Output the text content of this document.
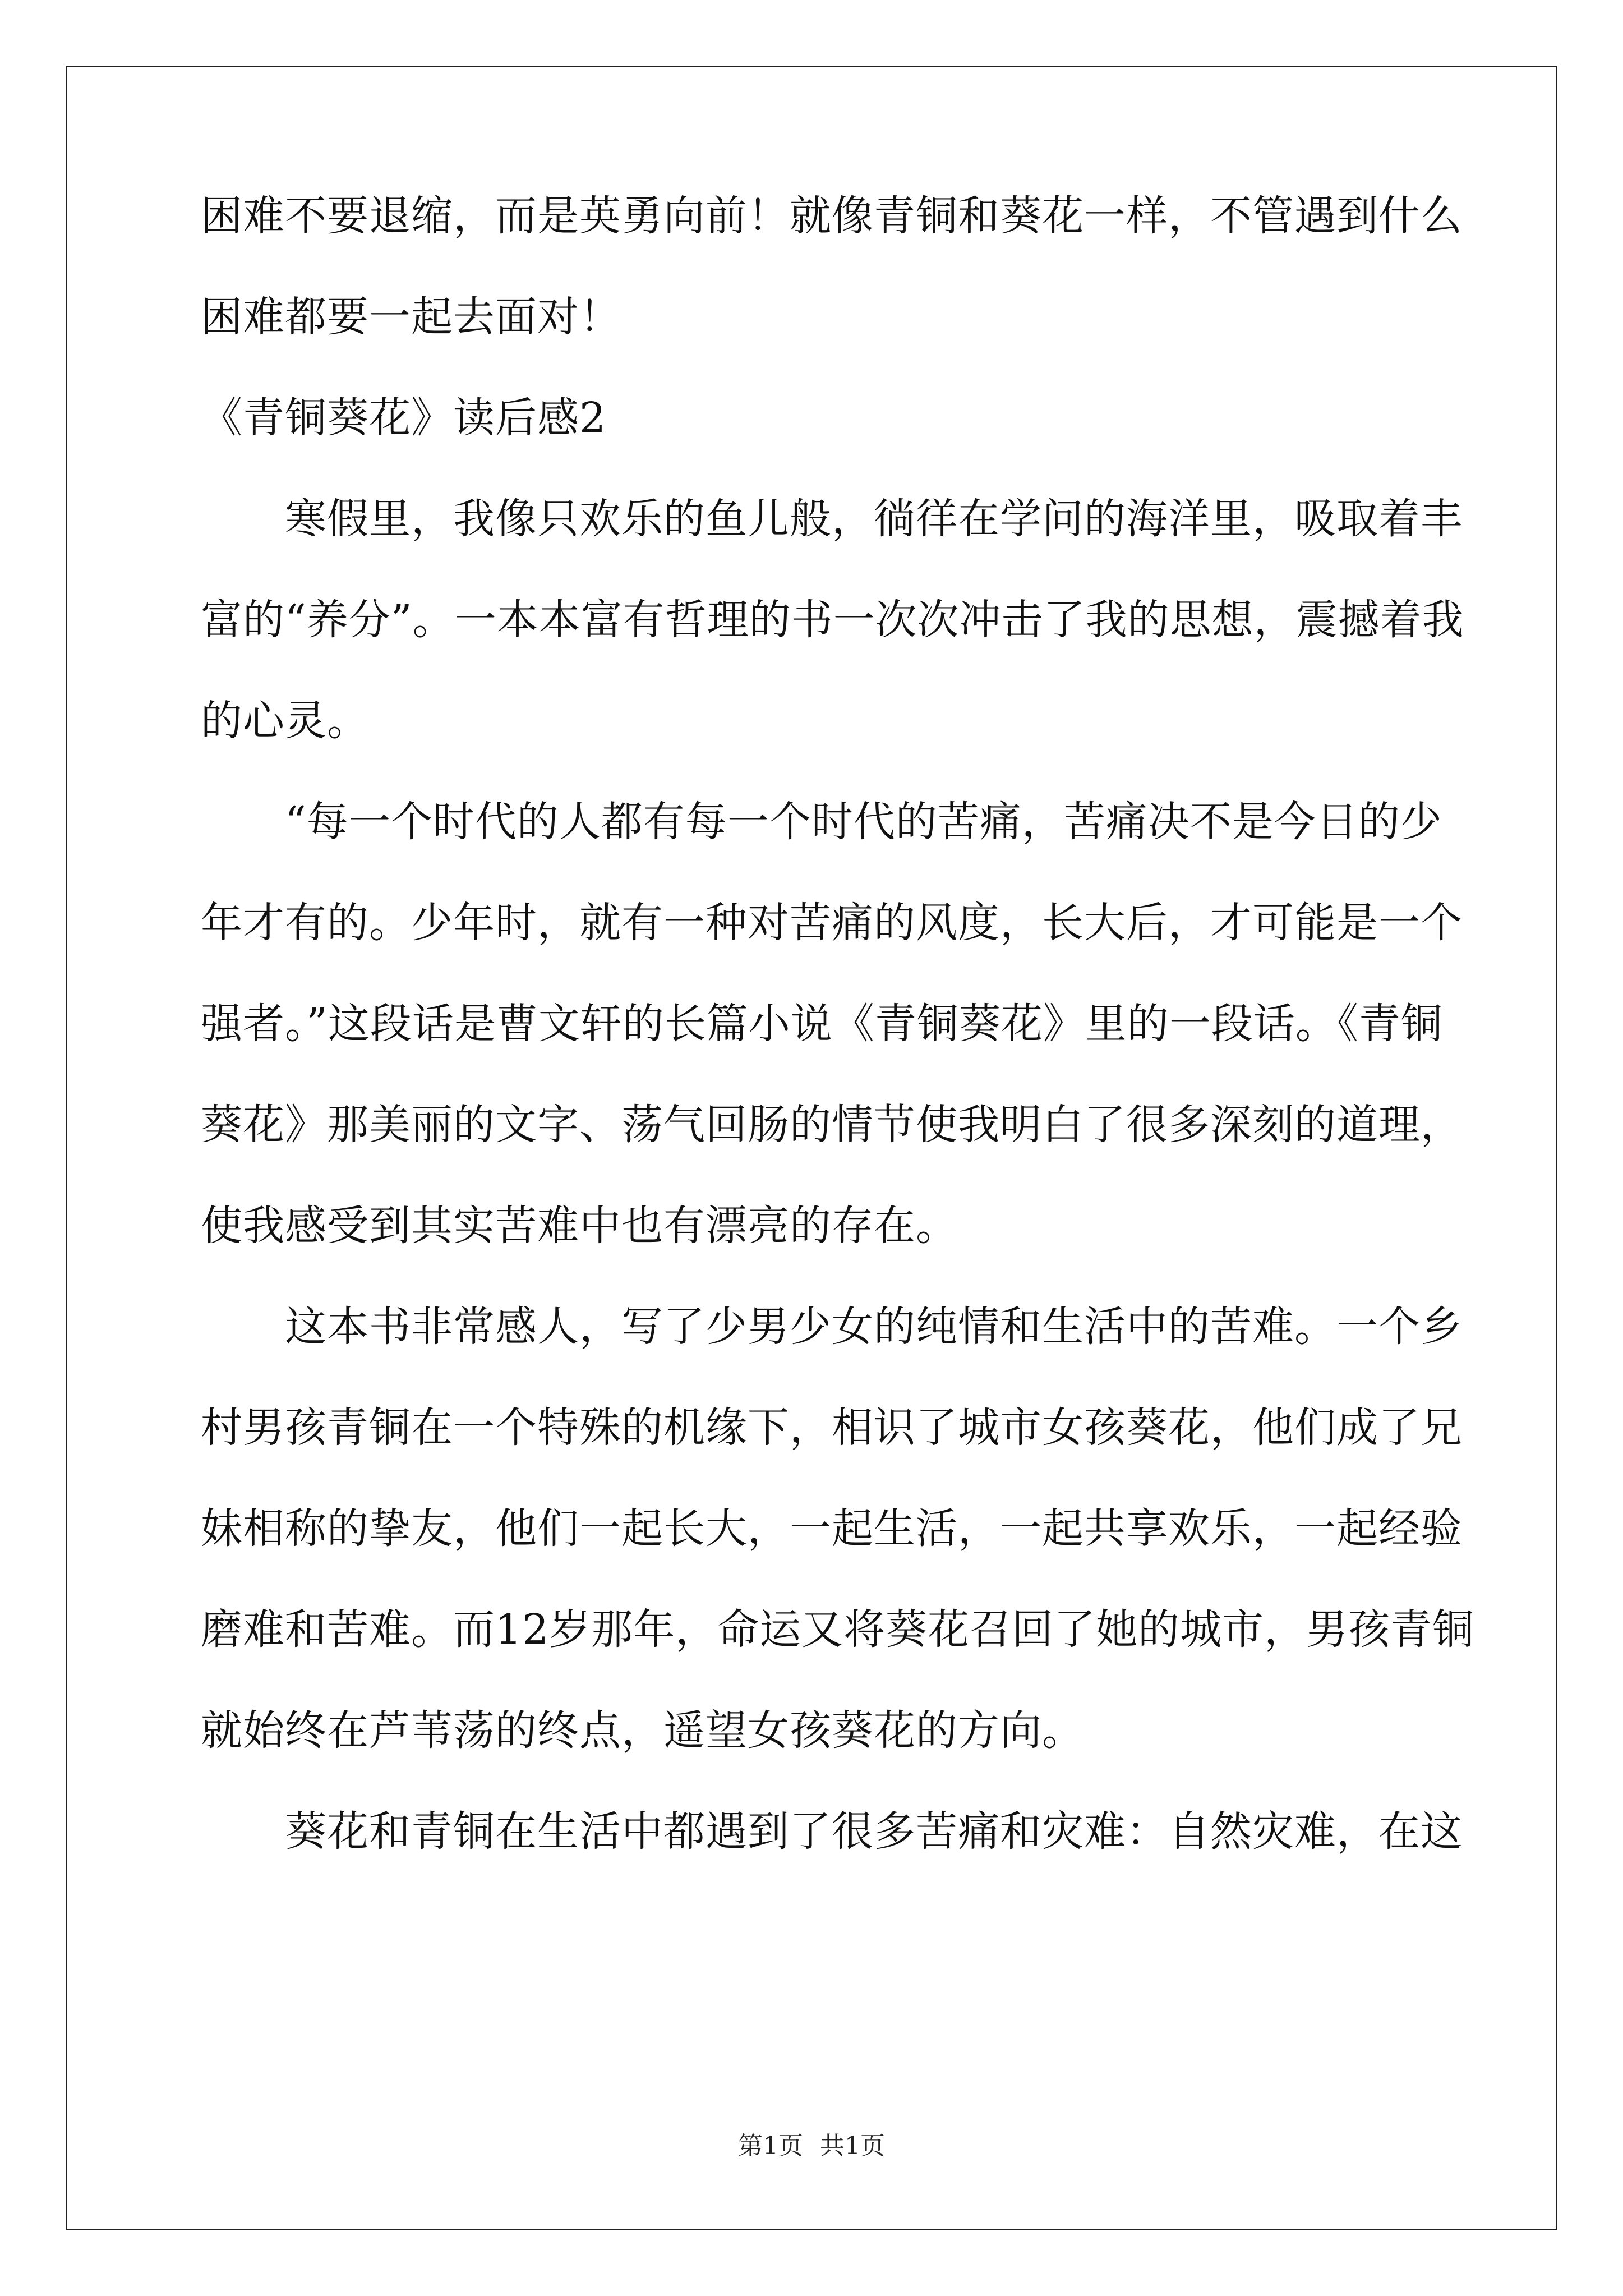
困难不要退缩，而是英勇向前！就像青铜和葵花一样，不管遇到什么
困难都要一起去面对！
《青铜葵花》读后感2
　　寒假里，我像只欢乐的鱼儿般，徜徉在学问的海洋里，吸取着丰
富的“养分”。一本本富有哲理的书一次次冲击了我的思想，震撼着我
的心灵。
　　“每一个时代的人都有每一个时代的苦痛，苦痛决不是今日的少
年才有的。少年时，就有一种对苦痛的风度，长大后，才可能是一个
强者。”这段话是曹文轩的长篇小说《青铜葵花》里的一段话。《青铜
葵花》那美丽的文字、荡气回肠的情节使我明白了很多深刻的道理，
使我感受到其实苦难中也有漂亮的存在。
　　这本书非常感人，写了少男少女的纯情和生活中的苦难。一个乡
村男孩青铜在一个特殊的机缘下，相识了城市女孩葵花，他们成了兄
妹相称的挚友，他们一起长大，一起生活，一起共享欢乐，一起经验
磨难和苦难。而12岁那年，命运又将葵花召回了她的城市，男孩青铜
就始终在芦苇荡的终点，遥望女孩葵花的方向。
　　葵花和青铜在生活中都遇到了很多苦痛和灾难：自然灾难，在这
第1页 共1页
